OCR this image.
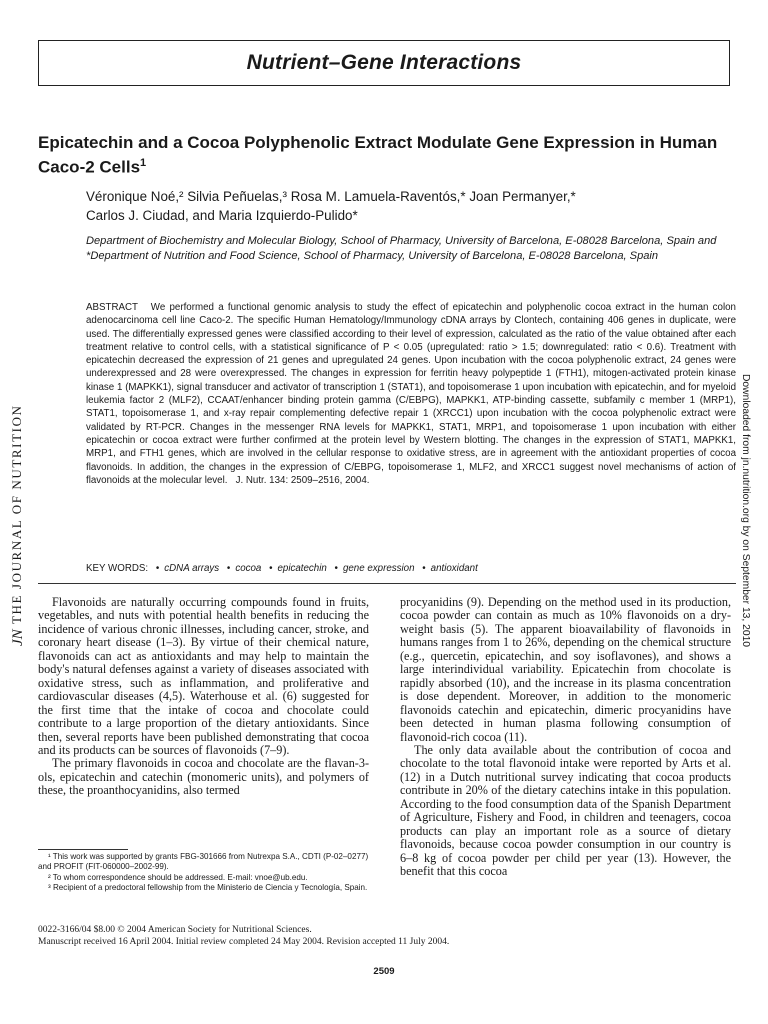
Nutrient–Gene Interactions
Epicatechin and a Cocoa Polyphenolic Extract Modulate Gene Expression in Human Caco-2 Cells$^1$
Véronique Noé,² Silvia Peñuelas,³ Rosa M. Lamuela-Raventós,* Joan Permanyer,*
Carlos J. Ciudad, and Maria Izquierdo-Pulido*
Department of Biochemistry and Molecular Biology, School of Pharmacy, University of Barcelona, E-08028 Barcelona, Spain and *Department of Nutrition and Food Science, School of Pharmacy, University of Barcelona, E-08028 Barcelona, Spain
ABSTRACT We performed a functional genomic analysis to study the effect of epicatechin and polyphenolic cocoa extract in the human colon adenocarcinoma cell line Caco-2. The specific Human Hematology/Immunology cDNA arrays by Clontech, containing 406 genes in duplicate, were used. The differentially expressed genes were classified according to their level of expression, calculated as the ratio of the value obtained after each treatment relative to control cells, with a statistical significance of P < 0.05 (upregulated: ratio > 1.5; downregulated: ratio < 0.6). Treatment with epicatechin decreased the expression of 21 genes and upregulated 24 genes. Upon incubation with the cocoa polyphenolic extract, 24 genes were underexpressed and 28 were overexpressed. The changes in expression for ferritin heavy polypeptide 1 (FTH1), mitogen-activated protein kinase kinase 1 (MAPKK1), signal transducer and activator of transcription 1 (STAT1), and topoisomerase 1 upon incubation with epicatechin, and for myeloid leukemia factor 2 (MLF2), CCAAT/enhancer binding protein gamma (C/EBPG), MAPKK1, ATP-binding cassette, subfamily c member 1 (MRP1), STAT1, topoisomerase 1, and x-ray repair complementing defective repair 1 (XRCC1) upon incubation with the cocoa polyphenolic extract were validated by RT-PCR. Changes in the messenger RNA levels for MAPKK1, STAT1, MRP1, and topoisomerase 1 upon incubation with either epicatechin or cocoa extract were further confirmed at the protein level by Western blotting. The changes in the expression of STAT1, MAPKK1, MRP1, and FTH1 genes, which are involved in the cellular response to oxidative stress, are in agreement with the antioxidant properties of cocoa flavonoids. In addition, the changes in the expression of C/EBPG, topoisomerase 1, MLF2, and XRCC1 suggest novel mechanisms of action of flavonoids at the molecular level. J. Nutr. 134: 2509–2516, 2004.
KEY WORDS: • cDNA arrays • cocoa • epicatechin • gene expression • antioxidant

Flavonoids are naturally occurring compounds found in fruits, vegetables, and nuts with potential health benefits in reducing the incidence of various chronic illnesses, including cancer, stroke, and coronary heart disease (1–3). By virtue of their chemical nature, flavonoids can act as antioxidants and may help to maintain the body's natural defenses against a variety of diseases associated with oxidative stress, such as inflammation, and proliferative and cardiovascular diseases (4,5). Waterhouse et al. (6) suggested for the first time that the intake of cocoa and chocolate could contribute to a large proportion of the dietary antioxidants. Since then, several reports have been published demonstrating that cocoa and its products can be sources of flavonoids (7–9).

The primary flavonoids in cocoa and chocolate are the flavan-3-ols, epicatechin and catechin (monomeric units), and polymers of these, the proanthocyanidins, also termed

procyanidins (9). Depending on the method used in its production, cocoa powder can contain as much as 10% flavonoids on a dry-weight basis (5). The apparent bioavailability of flavonoids in humans ranges from 1 to 26%, depending on the chemical structure (e.g., quercetin, epicatechin, and soy isoflavones), and shows a large interindividual variability. Epicatechin from chocolate is rapidly absorbed (10), and the increase in its plasma concentration is dose dependent. Moreover, in addition to the monomeric flavonoids catechin and epicatechin, dimeric procyanidins have been detected in human plasma following consumption of flavonoid-rich cocoa (11).

The only data available about the contribution of cocoa and chocolate to the total flavonoid intake were reported by Arts et al. (12) in a Dutch nutritional survey indicating that cocoa products contribute in 20% of the dietary catechins intake in this population. According to the food consumption data of the Spanish Department of Agriculture, Fishery and Food, in children and teenagers, cocoa products can play an important role as a source of dietary flavonoids, because cocoa powder consumption in our country is 6–8 kg of cocoa powder per child per year (13). However, the benefit that this cocoa

¹ This work was supported by grants FBG-301666 from Nutrexpa S.A., CDTI (P-02–0277) and PROFIT (FIT-060000–2002-99).

² To whom correspondence should be addressed. E-mail: vnoe@ub.edu.

³ Recipient of a predoctoral fellowship from the Ministerio de Ciencia y Tecnología, Spain.

0022-3166/04 $8.00 © 2004 American Society for Nutritional Sciences.
Manuscript received 16 April 2004. Initial review completed 24 May 2004. Revision accepted 11 July 2004.
2509
JN
THE JOURNAL OF NUTRITION	Downloaded from jn.nutrition.org by on September 13, 2010
